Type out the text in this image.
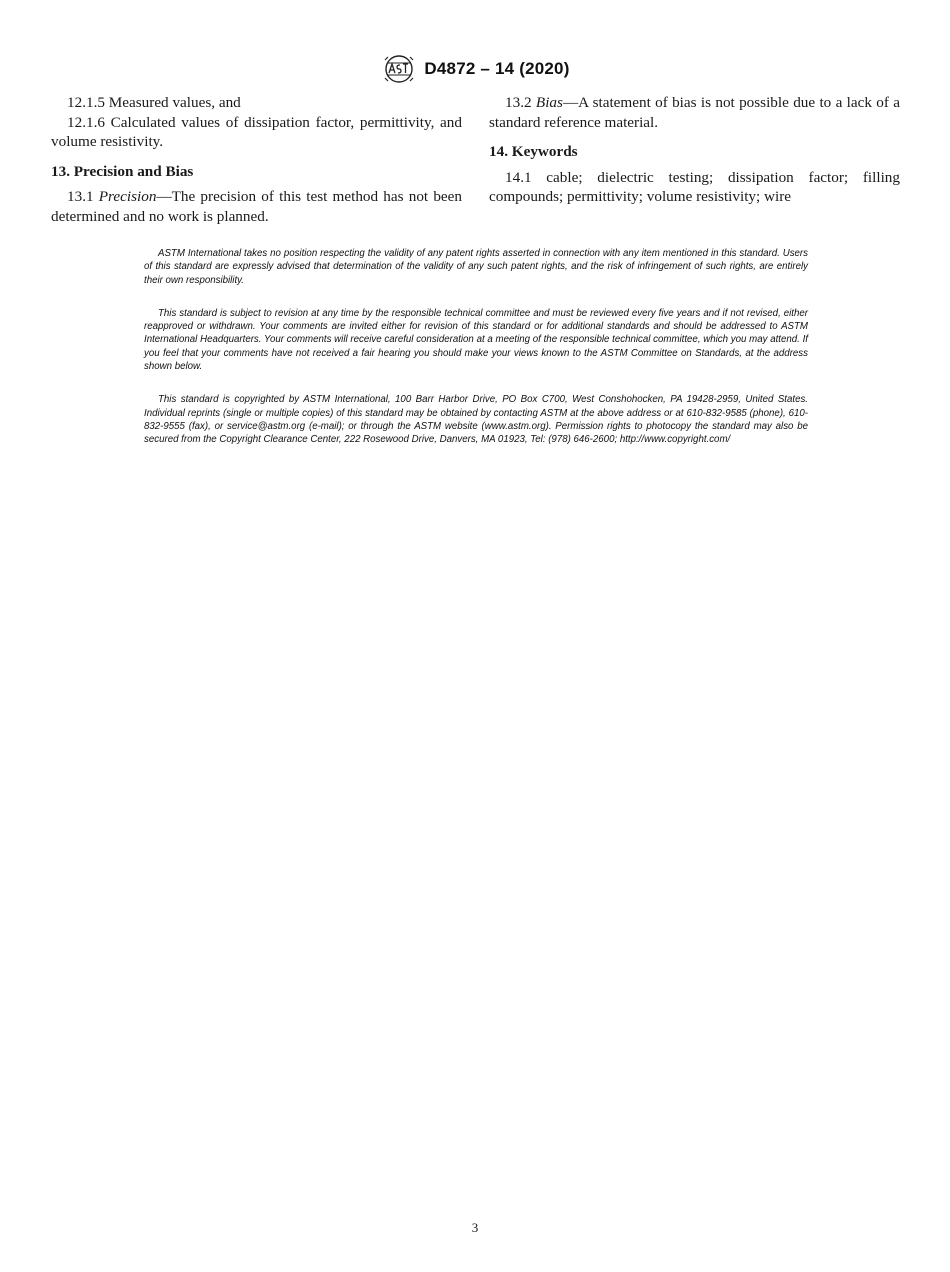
D4872 – 14 (2020)

12.1.5 Measured values, and

12.1.6 Calculated values of dissipation factor, permittivity, and volume resistivity.

13. Precision and Bias

13.1 Precision—The precision of this test method has not been determined and no work is planned.

13.2 Bias—A statement of bias is not possible due to a lack of a standard reference material.

14. Keywords

14.1 cable; dielectric testing; dissipation factor; filling compounds; permittivity; volume resistivity; wire

ASTM International takes no position respecting the validity of any patent rights asserted in connection with any item mentioned in this standard. Users of this standard are expressly advised that determination of the validity of any such patent rights, and the risk of infringement of such rights, are entirely their own responsibility.

This standard is subject to revision at any time by the responsible technical committee and must be reviewed every five years and if not revised, either reapproved or withdrawn. Your comments are invited either for revision of this standard or for additional standards and should be addressed to ASTM International Headquarters. Your comments will receive careful consideration at a meeting of the responsible technical committee, which you may attend. If you feel that your comments have not received a fair hearing you should make your views known to the ASTM Committee on Standards, at the address shown below.

This standard is copyrighted by ASTM International, 100 Barr Harbor Drive, PO Box C700, West Conshohocken, PA 19428-2959, United States. Individual reprints (single or multiple copies) of this standard may be obtained by contacting ASTM at the above address or at 610-832-9585 (phone), 610-832-9555 (fax), or service@astm.org (e-mail); or through the ASTM website (www.astm.org). Permission rights to photocopy the standard may also be secured from the Copyright Clearance Center, 222 Rosewood Drive, Danvers, MA 01923, Tel: (978) 646-2600; http://www.copyright.com/

3
